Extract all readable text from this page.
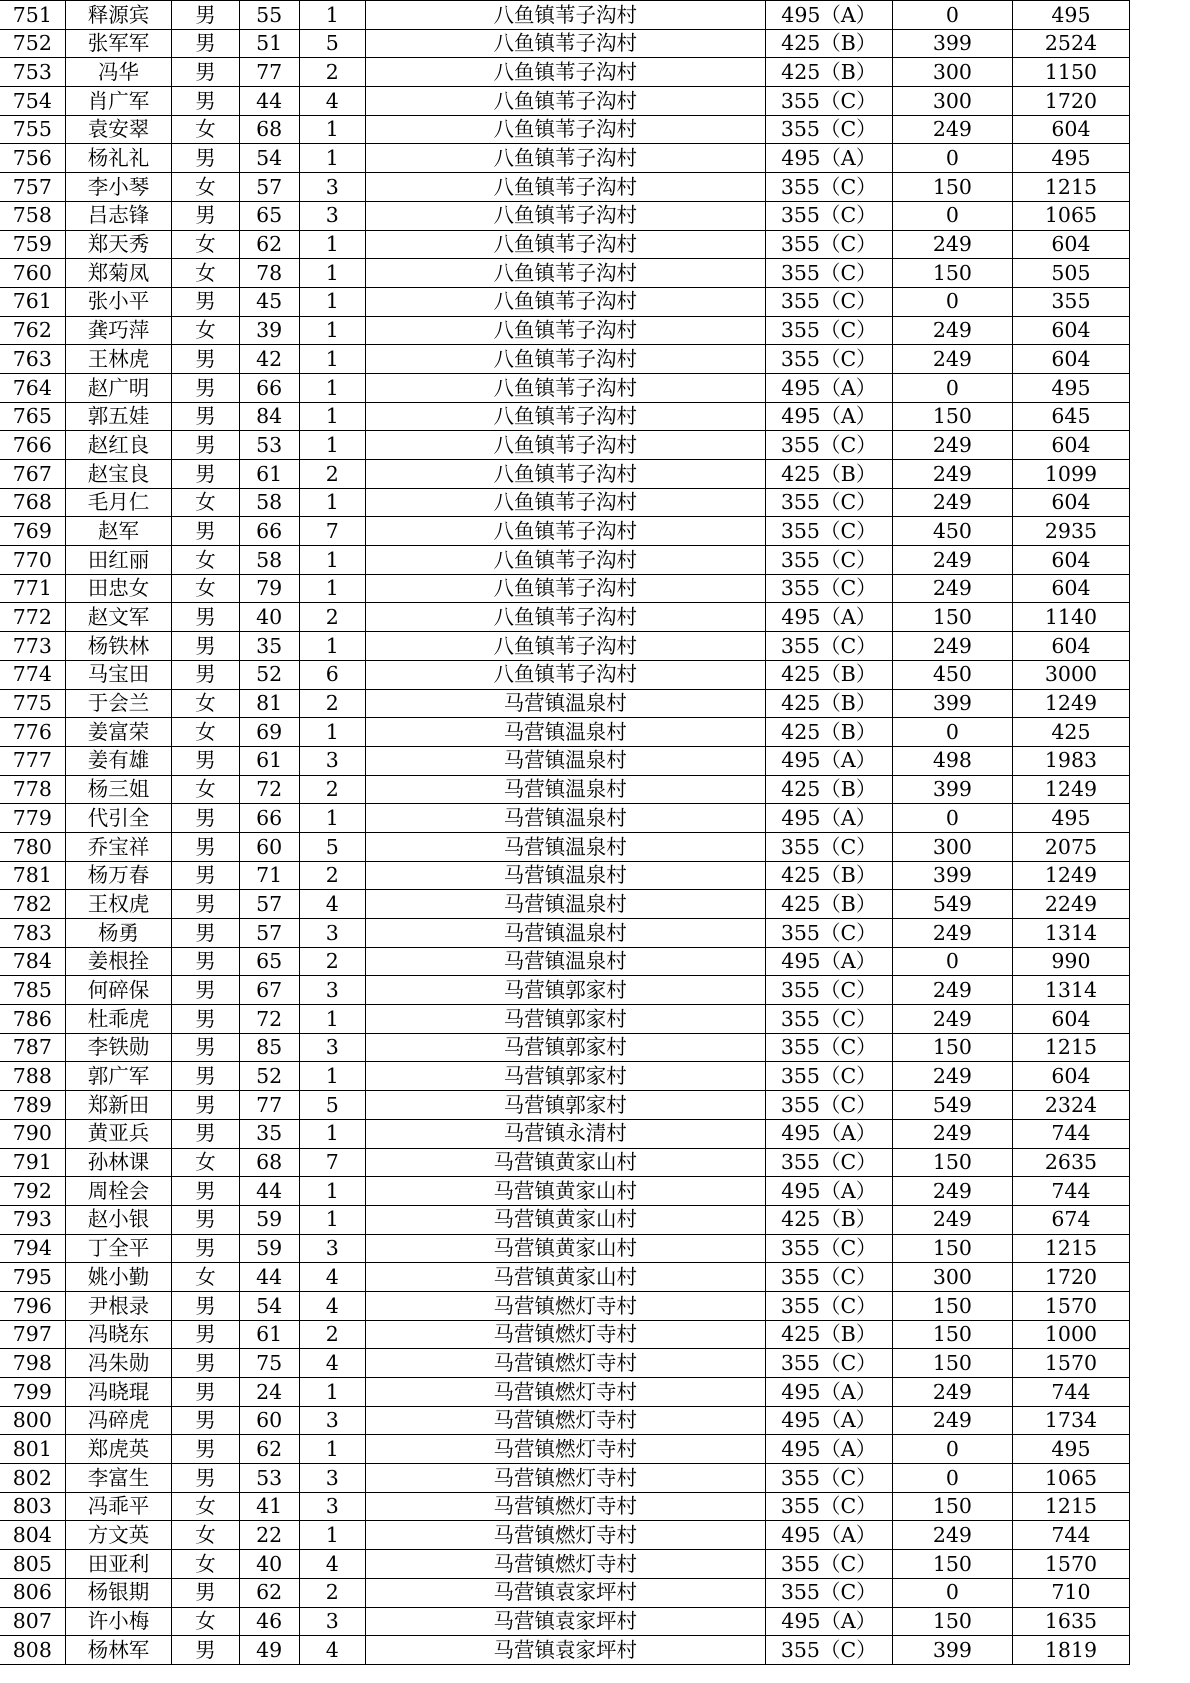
751	释源宾	男	55	1	八鱼镇苇子沟村	495（A）	0	495
752	张军军	男	51	5	八鱼镇苇子沟村	425（B）	399	2524
753	冯华	男	77	2	八鱼镇苇子沟村	425（B）	300	1150
754	肖广军	男	44	4	八鱼镇苇子沟村	355（C）	300	1720
755	袁安翠	女	68	1	八鱼镇苇子沟村	355（C）	249	604
756	杨礼礼	男	54	1	八鱼镇苇子沟村	495（A）	0	495
757	李小琴	女	57	3	八鱼镇苇子沟村	355（C）	150	1215
758	吕志锋	男	65	3	八鱼镇苇子沟村	355（C）	0	1065
759	郑天秀	女	62	1	八鱼镇苇子沟村	355（C）	249	604
760	郑菊凤	女	78	1	八鱼镇苇子沟村	355（C）	150	505
761	张小平	男	45	1	八鱼镇苇子沟村	355（C）	0	355
762	龚巧萍	女	39	1	八鱼镇苇子沟村	355（C）	249	604
763	王林虎	男	42	1	八鱼镇苇子沟村	355（C）	249	604
764	赵广明	男	66	1	八鱼镇苇子沟村	495（A）	0	495
765	郭五娃	男	84	1	八鱼镇苇子沟村	495（A）	150	645
766	赵红良	男	53	1	八鱼镇苇子沟村	355（C）	249	604
767	赵宝良	男	61	2	八鱼镇苇子沟村	425（B）	249	1099
768	毛月仁	女	58	1	八鱼镇苇子沟村	355（C）	249	604
769	赵军	男	66	7	八鱼镇苇子沟村	355（C）	450	2935
770	田红丽	女	58	1	八鱼镇苇子沟村	355（C）	249	604
771	田忠女	女	79	1	八鱼镇苇子沟村	355（C）	249	604
772	赵文军	男	40	2	八鱼镇苇子沟村	495（A）	150	1140
773	杨铁林	男	35	1	八鱼镇苇子沟村	355（C）	249	604
774	马宝田	男	52	6	八鱼镇苇子沟村	425（B）	450	3000
775	于会兰	女	81	2	马营镇温泉村	425（B）	399	1249
776	姜富荣	女	69	1	马营镇温泉村	425（B）	0	425
777	姜有雄	男	61	3	马营镇温泉村	495（A）	498	1983
778	杨三姐	女	72	2	马营镇温泉村	425（B）	399	1249
779	代引全	男	66	1	马营镇温泉村	495（A）	0	495
780	乔宝祥	男	60	5	马营镇温泉村	355（C）	300	2075
781	杨万春	男	71	2	马营镇温泉村	425（B）	399	1249
782	王权虎	男	57	4	马营镇温泉村	425（B）	549	2249
783	杨勇	男	57	3	马营镇温泉村	355（C）	249	1314
784	姜根拴	男	65	2	马营镇温泉村	495（A）	0	990
785	何碎保	男	67	3	马营镇郭家村	355（C）	249	1314
786	杜乖虎	男	72	1	马营镇郭家村	355（C）	249	604
787	李铁勋	男	85	3	马营镇郭家村	355（C）	150	1215
788	郭广军	男	52	1	马营镇郭家村	355（C）	249	604
789	郑新田	男	77	5	马营镇郭家村	355（C）	549	2324
790	黄亚兵	男	35	1	马营镇永清村	495（A）	249	744
791	孙林课	女	68	7	马营镇黄家山村	355（C）	150	2635
792	周栓会	男	44	1	马营镇黄家山村	495（A）	249	744
793	赵小银	男	59	1	马营镇黄家山村	425（B）	249	674
794	丁全平	男	59	3	马营镇黄家山村	355（C）	150	1215
795	姚小勤	女	44	4	马营镇黄家山村	355（C）	300	1720
796	尹根录	男	54	4	马营镇燃灯寺村	355（C）	150	1570
797	冯晓东	男	61	2	马营镇燃灯寺村	425（B）	150	1000
798	冯朱勋	男	75	4	马营镇燃灯寺村	355（C）	150	1570
799	冯晓琨	男	24	1	马营镇燃灯寺村	495（A）	249	744
800	冯碎虎	男	60	3	马营镇燃灯寺村	495（A）	249	1734
801	郑虎英	男	62	1	马营镇燃灯寺村	495（A）	0	495
802	李富生	男	53	3	马营镇燃灯寺村	355（C）	0	1065
803	冯乖平	女	41	3	马营镇燃灯寺村	355（C）	150	1215
804	方文英	女	22	1	马营镇燃灯寺村	495（A）	249	744
805	田亚利	女	40	4	马营镇燃灯寺村	355（C）	150	1570
806	杨银期	男	62	2	马营镇袁家坪村	355（C）	0	710
807	许小梅	女	46	3	马营镇袁家坪村	495（A）	150	1635
808	杨林军	男	49	4	马营镇袁家坪村	355（C）	399	1819
